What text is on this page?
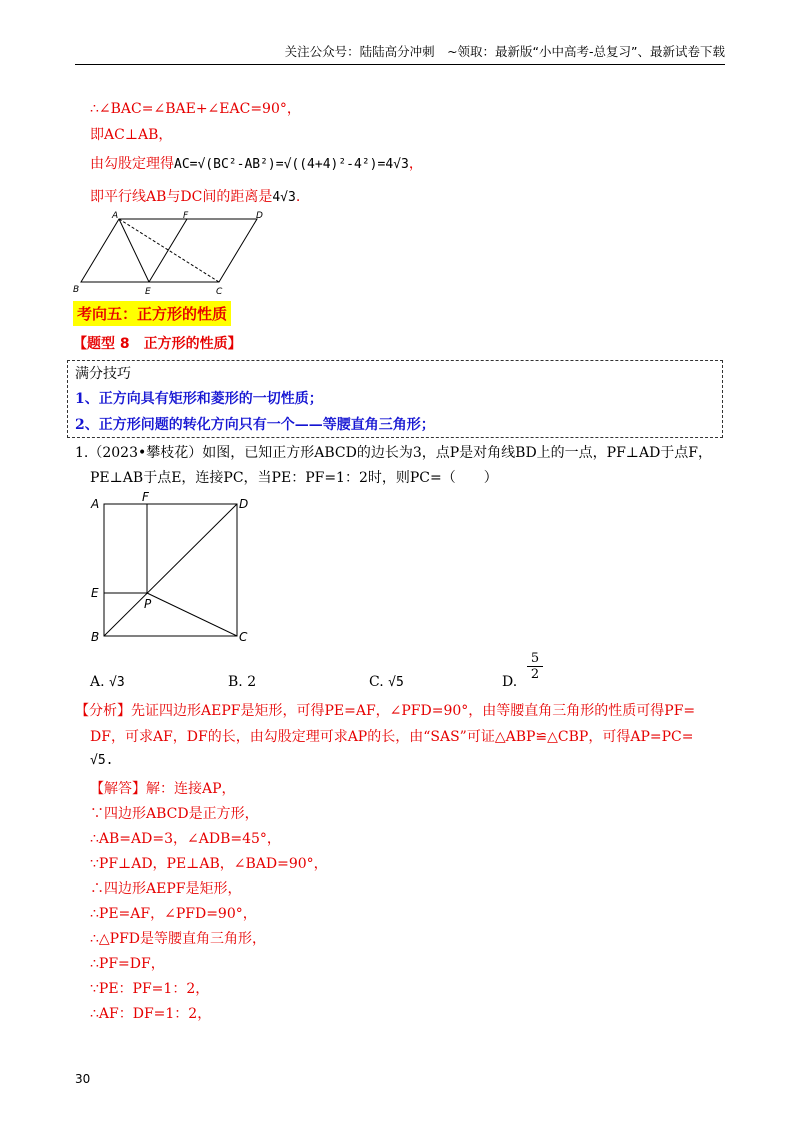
关注公众号：陆陆高分冲刺　~领取：最新版“小中高考-总复习”、最新试卷下载
∴∠BAC=∠BAE+∠EAC=90°，
即AC⊥AB，
由勾股定理得AC=√(BC²-AB²)=√((4+4)²-4²)=4√3，
即平行线AB与DC间的距离是4√3.
A	F	D
B	E	C
考向五：正方形的性质
【题型 8　正方形的性质】
满分技巧
1、正方向具有矩形和菱形的一切性质；
2、正方形问题的转化方向只有一个——等腰直角三角形；
1.（2023•攀枝花）如图，已知正方形ABCD的边长为3，点P是对角线BD上的一点，PF⊥AD于点F，
PE⊥AB于点E，连接PC，当PE：PF=1：2时，则PC=（　　）
A	F	D
E
P
B	C
A. √3	B. 2	C. √5	D. $\frac{5}{2}$
【分析】先证四边形AEPF是矩形，可得PE=AF，∠PFD=90°，由等腰直角三角形的性质可得PF=
DF，可求AF，DF的长，由勾股定理可求AP的长，由“SAS”可证△ABP≌△CBP，可得AP=PC=
√5.
【解答】解：连接AP，
∵四边形ABCD是正方形，
∴AB=AD=3，∠ADB=45°，
∵PF⊥AD，PE⊥AB，∠BAD=90°，
∴四边形AEPF是矩形，
∴PE=AF，∠PFD=90°，
∴△PFD是等腰直角三角形，
∴PF=DF，
∵PE：PF=1：2，
∴AF：DF=1：2，
30
